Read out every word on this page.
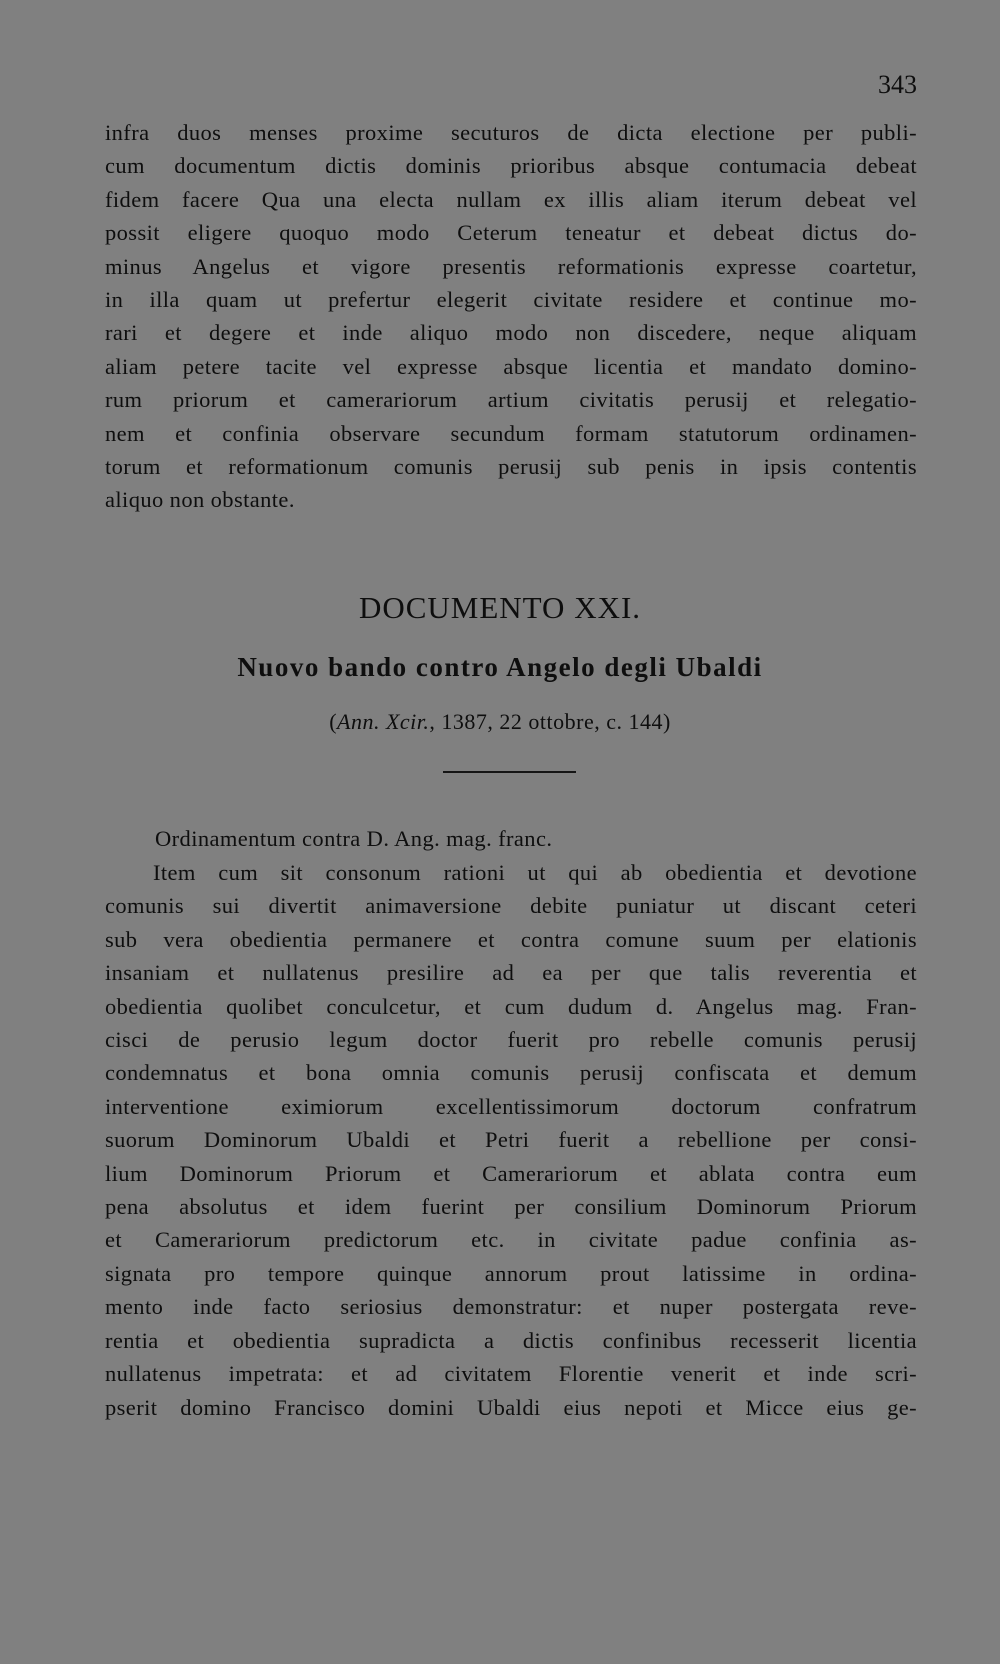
343
infra duos menses proxime secuturos de dicta electione per publi-
cum documentum dictis dominis prioribus absque contumacia debeat
fidem facere Qua una electa nullam ex illis aliam iterum debeat vel
possit eligere quoquo modo Ceterum teneatur et debeat dictus do-
minus Angelus et vigore presentis reformationis expresse coartetur,
in illa quam ut prefertur elegerit civitate residere et continue mo-
rari et degere et inde aliquo modo non discedere, neque aliquam
aliam petere tacite vel expresse absque licentia et mandato domino-
rum priorum et camerariorum artium civitatis perusij et relegatio-
nem et confinia observare secundum formam statutorum ordinamen-
torum et reformationum comunis perusij sub penis in ipsis contentis
aliquo non obstante.
DOCUMENTO XXI.
Nuovo bando contro Angelo degli Ubaldi
(Ann. Xcir., 1387, 22 ottobre, c. 144)
Ordinamentum contra D. Ang. mag. franc.
Item cum sit consonum rationi ut qui ab obedientia et devotione
comunis sui divertit animaversione debite puniatur ut discant ceteri
sub vera obedientia permanere et contra comune suum per elationis
insaniam et nullatenus presilire ad ea per que talis reverentia et
obedientia quolibet conculcetur, et cum dudum d. Angelus mag. Fran-
cisci de perusio legum doctor fuerit pro rebelle comunis perusij
condemnatus et bona omnia comunis perusij confiscata et demum
interventione eximiorum excellentissimorum doctorum confratrum
suorum Dominorum Ubaldi et Petri fuerit a rebellione per consi-
lium Dominorum Priorum et Camerariorum et ablata contra eum
pena absolutus et idem fuerint per consilium Dominorum Priorum
et Camerariorum predictorum etc. in civitate padue confinia as-
signata pro tempore quinque annorum prout latissime in ordina-
mento inde facto seriosius demonstratur: et nuper postergata reve-
rentia et obedientia supradicta a dictis confinibus recesserit licentia
nullatenus impetrata: et ad civitatem Florentie venerit et inde scri-
pserit domino Francisco domini Ubaldi eius nepoti et Micce eius ge-
